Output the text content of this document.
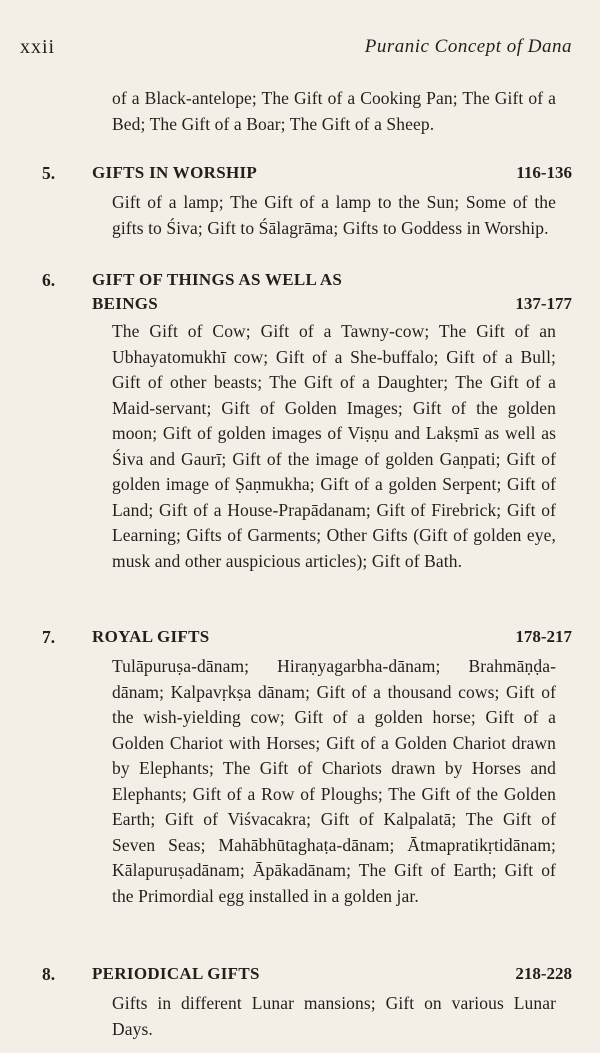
xxii	Puranic Concept of Dana

of a Black-antelope; The Gift of a Cooking Pan; The Gift of a Bed; The Gift of a Boar; The Gift of a Sheep.

5. GIFTS IN WORSHIP	116-136

Gift of a lamp; The Gift of a lamp to the Sun; Some of the gifts to Śiva; Gift to Śālagrāma; Gifts to Goddess in Worship.

6. GIFT OF THINGS AS WELL AS
BEINGS	137-177

The Gift of Cow; Gift of a Tawny-cow; The Gift of an Ubhayatomukhī cow; Gift of a She-buffalo; Gift of a Bull; Gift of other beasts; The Gift of a Daughter; The Gift of a Maid-servant; Gift of Golden Images; Gift of the golden moon; Gift of golden images of Viṣṇu and Lakṣmī as well as Śiva and Gaurī; Gift of the image of golden Gaṇpati; Gift of golden image of Ṣaṇmukha; Gift of a golden Serpent; Gift of Land; Gift of a House-Prapādanam; Gift of Firebrick; Gift of Learning; Gifts of Garments; Other Gifts (Gift of golden eye, musk and other auspicious articles); Gift of Bath.

7. ROYAL GIFTS	178-217

Tulāpuruṣa-dānam; Hiraṇyagarbha-dānam; Brahmāṇḍa-dānam; Kalpavṛkṣa dānam; Gift of a thousand cows; Gift of the wish-yielding cow; Gift of a golden horse; Gift of a Golden Chariot with Horses; Gift of a Golden Chariot drawn by Elephants; The Gift of Chariots drawn by Horses and Elephants; Gift of a Row of Ploughs; The Gift of the Golden Earth; Gift of Viśvacakra; Gift of Kalpalatā; The Gift of Seven Seas; Mahābhūtaghaṭa-dānam; Ātmapratikṛtidānam; Kālapuruṣadānam; Āpākadānam; The Gift of Earth; Gift of the Primordial egg installed in a golden jar.

8. PERIODICAL GIFTS	218-228

Gifts in different Lunar mansions; Gift on various Lunar Days.
